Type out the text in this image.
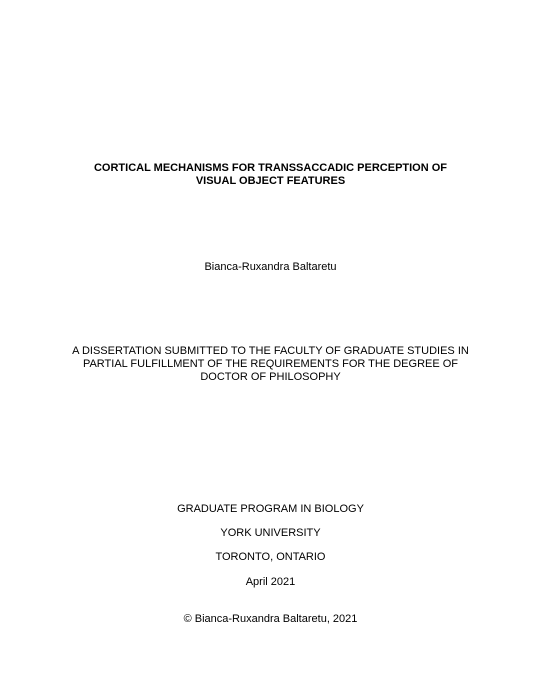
CORTICAL MECHANISMS FOR TRANSSACCADIC PERCEPTION OF
VISUAL OBJECT FEATURES
Bianca-Ruxandra Baltaretu
A DISSERTATION SUBMITTED TO THE FACULTY OF GRADUATE STUDIES IN
PARTIAL FULFILLMENT OF THE REQUIREMENTS FOR THE DEGREE OF
DOCTOR OF PHILOSOPHY
GRADUATE PROGRAM IN BIOLOGY
YORK UNIVERSITY
TORONTO, ONTARIO
April 2021
© Bianca-Ruxandra Baltaretu, 2021
